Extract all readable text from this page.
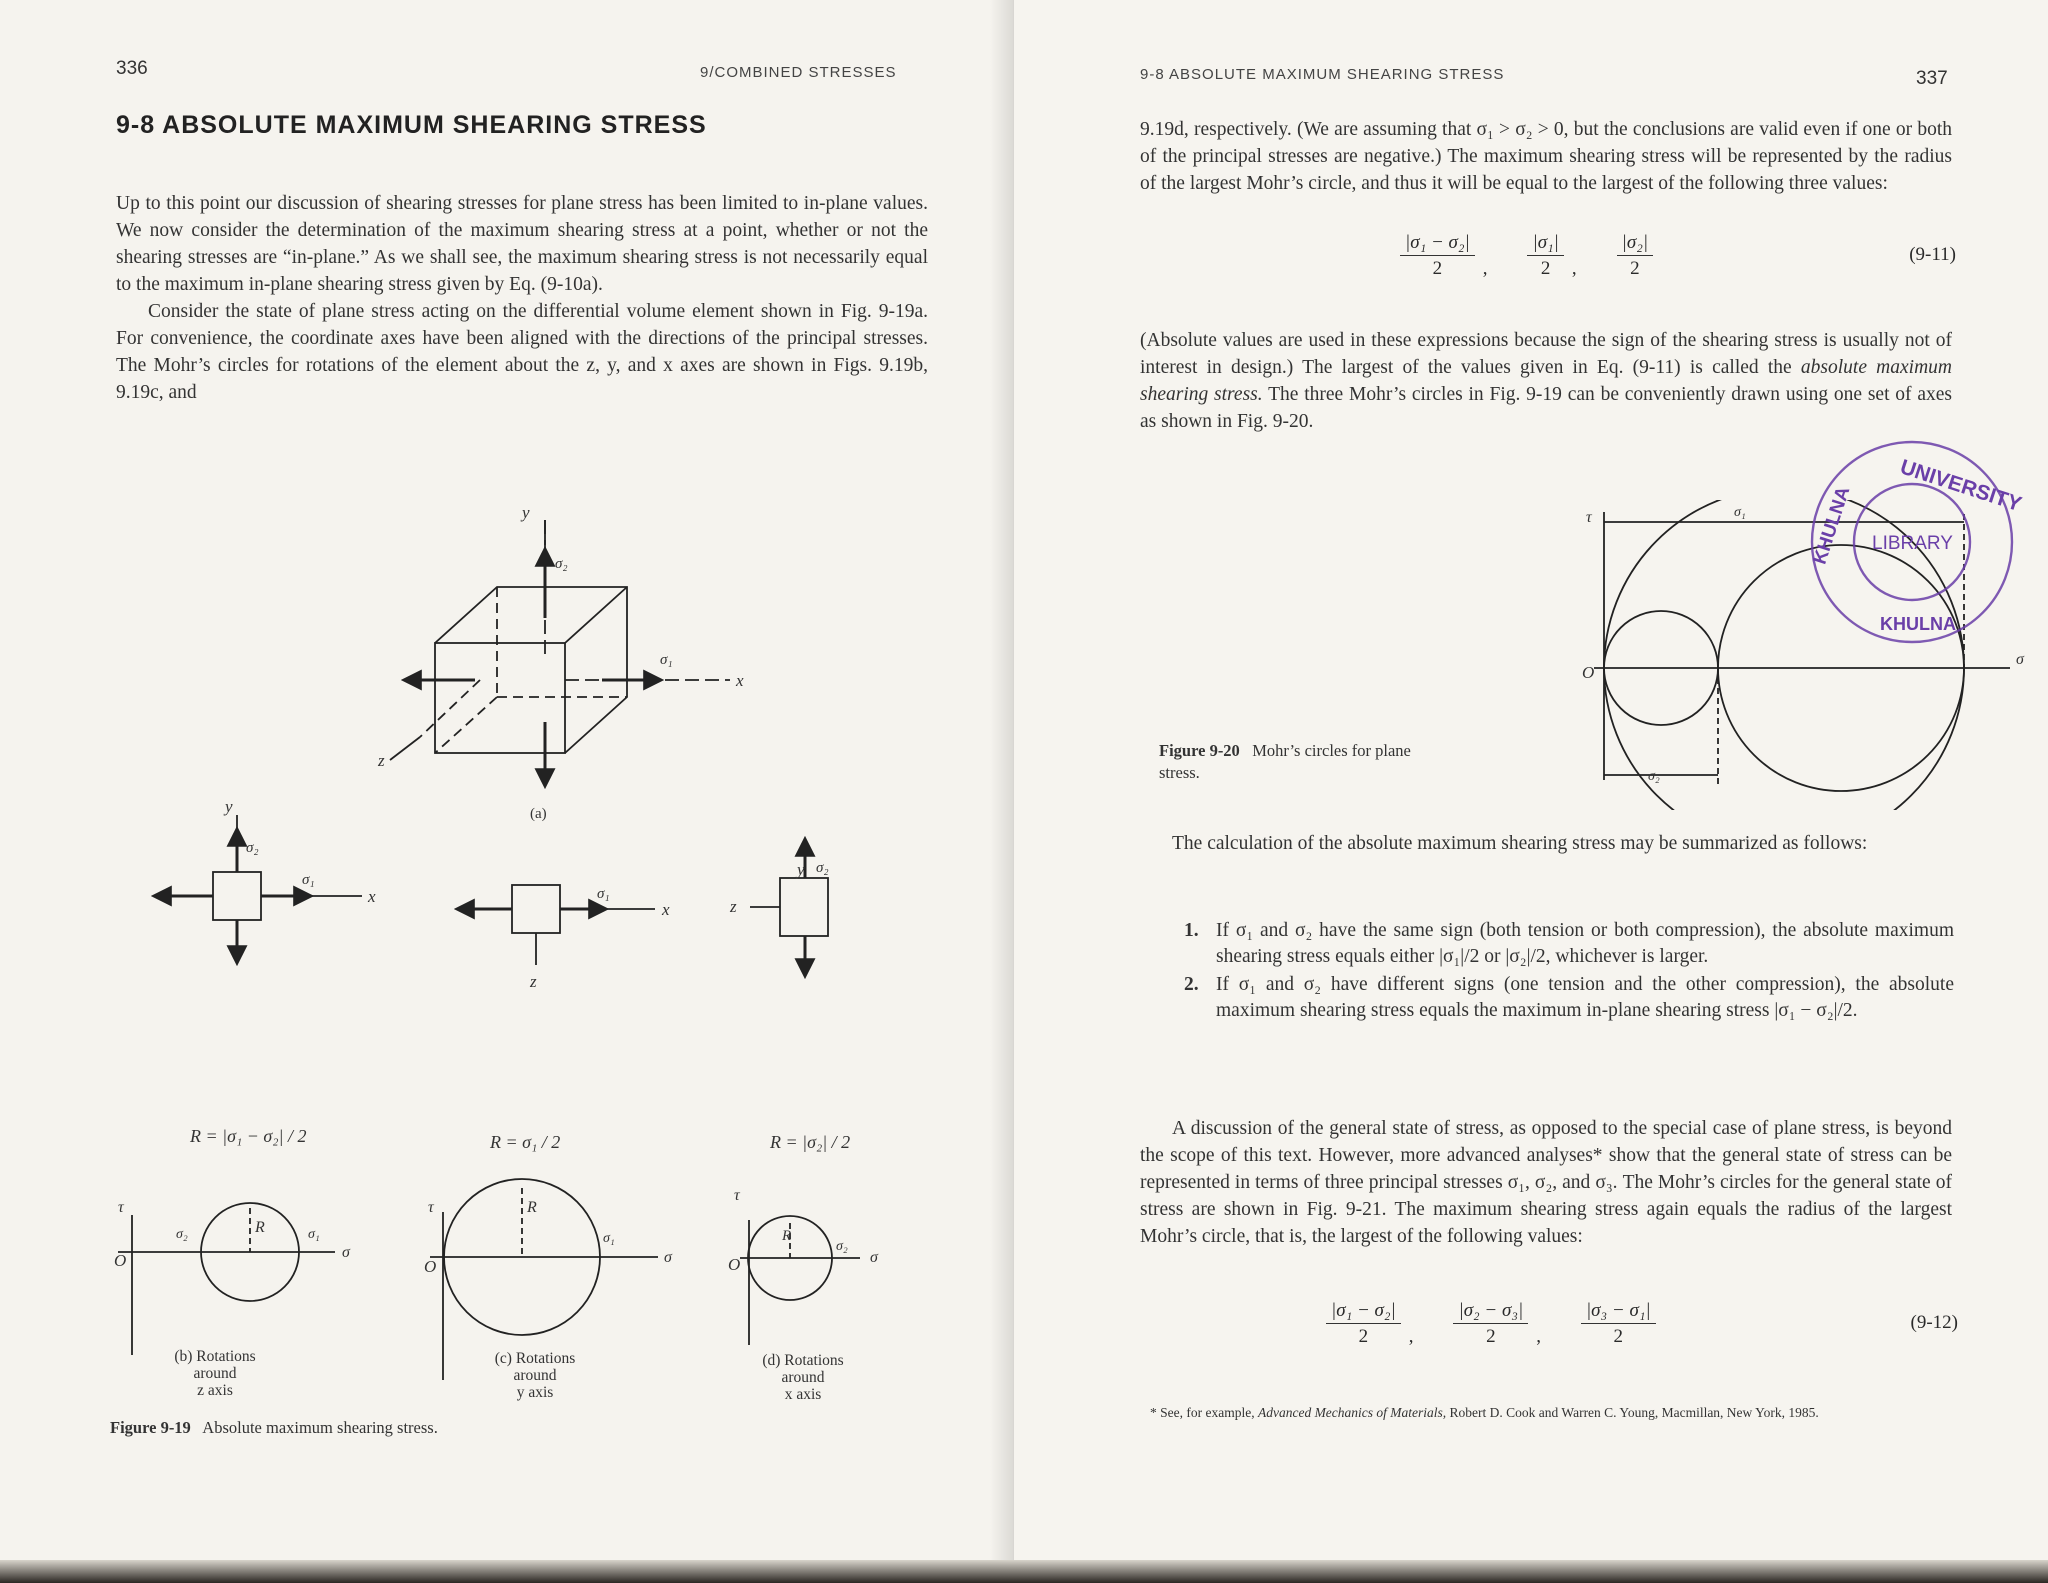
336	9/COMBINED STRESSES
9-8 ABSOLUTE MAXIMUM SHEARING STRESS

Up to this point our discussion of shearing stresses for plane stress has been limited to in-plane values. We now consider the determination of the maximum shearing stress at a point, whether or not the shearing stresses are “in-plane.” As we shall see, the maximum shearing stress is not necessarily equal to the maximum in-plane shearing stress given by Eq. (9-10a).

Consider the state of plane stress acting on the differential volume element shown in Fig. 9-19a. For convenience, the coordinate axes have been aligned with the directions of the principal stresses. The Mohr’s circles for rotations of the element about the z, y, and x axes are shown in Figs. 9.19b, 9.19c, and

y
σ₂
σ₁
x
z
(a)
y
σ₂
σ₁
x	σ₁
x
z
y σ₂
z
R = |σ₁ − σ₂| / 2	R = σ₁ / 2	R = |σ₂| / 2
τ
O
σ₂	σ₁
σ
R
τ
O
σ₁
σ
R
τ
O
σ₂
σ
R
(b) Rotations
around
z axis
(c) Rotations
around
y axis
(d) Rotations
around
x axis
Figure 9-19 Absolute maximum shearing stress.
9-8 ABSOLUTE MAXIMUM SHEARING STRESS	337
9.19d, respectively. (We are assuming that σ₁ > σ₂ > 0, but the conclusions are valid even if one or both of the principal stresses are negative.) The maximum shearing stress will be represented by the radius of the largest Mohr’s circle, and thus it will be equal to the largest of the following three values:
$\frac{\text{|σ₁ − σ₂|}}{2}$ , $\frac{\text{|σ₁|}}{2}$ , $\frac{\text{|σ₂|}}{2}$	(9-11)
(Absolute values are used in these expressions because the sign of the shearing stress is usually not of interest in design.) The largest of the values given in Eq. (9-11) is called the absolute maximum shearing stress. The three Mohr’s circles in Fig. 9-19 can be conveniently drawn using one set of axes as shown in Fig. 9-20.
τ
O
σ₁
σ₂
σ
Figure 9-20 Mohr’s circles for plane stress.
UNIVERSITY
KHULNA LIBRARY
KHULNA
The calculation of the absolute maximum shearing stress may be summarized as follows:
1. If σ₁ and σ₂ have the same sign (both tension or both compression), the absolute maximum shearing stress equals either |σ₁|/2 or |σ₂|/2, whichever is larger.
2. If σ₁ and σ₂ have different signs (one tension and the other compression), the absolute maximum shearing stress equals the maximum in-plane shearing stress |σ₁ − σ₂|/2.
A discussion of the general state of stress, as opposed to the special case of plane stress, is beyond the scope of this text. However, more advanced analyses* show that the general state of stress can be represented in terms of three principal stresses σ₁, σ₂, and σ₃. The Mohr’s circles for the general state of stress are shown in Fig. 9-21. The maximum shearing stress again equals the radius of the largest Mohr’s circle, that is, the largest of the following values:
$\frac{\text{|σ₁ − σ₂|}}{2}$ , $\frac{\text{|σ₂ − σ₃|}}{2}$ , $\frac{\text{|σ₃ − σ₁|}}{2}$	(9-12)
* See, for example, Advanced Mechanics of Materials, Robert D. Cook and Warren C. Young, Macmillan, New York, 1985.
